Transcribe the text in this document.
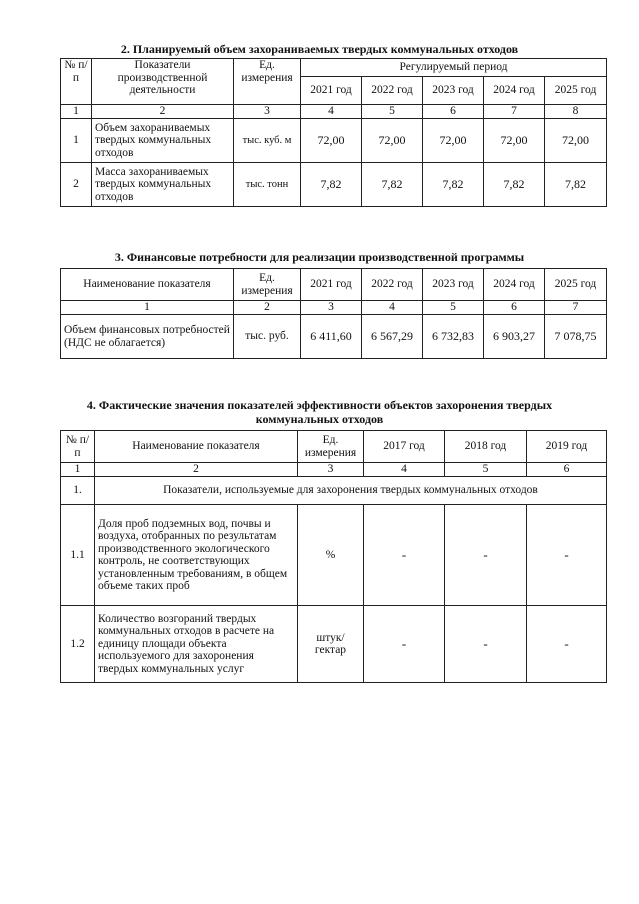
2. Планируемый объем захораниваемых твердых коммунальных отходов
№ п/п	Показатели производственной деятельности	Ед. измерения	Регулируемый период				
			2021 год	2022 год	2023 год	2024 год	2025 год
1	2	3	4	5	6	7	8
1	Объем захораниваемых твердых коммунальных отходов	тыс. куб. м	72,00	72,00	72,00	72,00	72,00
2	Масса захораниваемых твердых коммунальных отходов	тыс. тонн	7,82	7,82	7,82	7,82	7,82
3. Финансовые потребности для реализации производственной программы
Наименование показателя	Ед. измерения	2021 год	2022 год	2023 год	2024 год	2025 год
1	2	3	4	5	6	7
Объем финансовых потребностей (НДС не облагается)	тыс. руб.	6 411,60	6 567,29	6 732,83	6 903,27	7 078,75
4. Фактические значения показателей эффективности объектов захоронения твердых
коммунальных отходов
№ п/п	Наименование показателя	Ед. измерения	2017 год	2018 год	2019 год
1	2	3	4	5	6
1.	Показатели, используемые для захоронения твердых коммунальных отходов				
1.1	Доля проб подземных вод, почвы и воздуха, отобранных по результатам производственного экологического контроль, не соответствующих установленным требованиям, в общем объеме таких проб	%	-	-	-
1.2	Количество возгораний твердых коммунальных отходов в расчете на единицу площади объекта используемого для захоронения твердых коммунальных услуг	штук/ гектар	-	-	-
